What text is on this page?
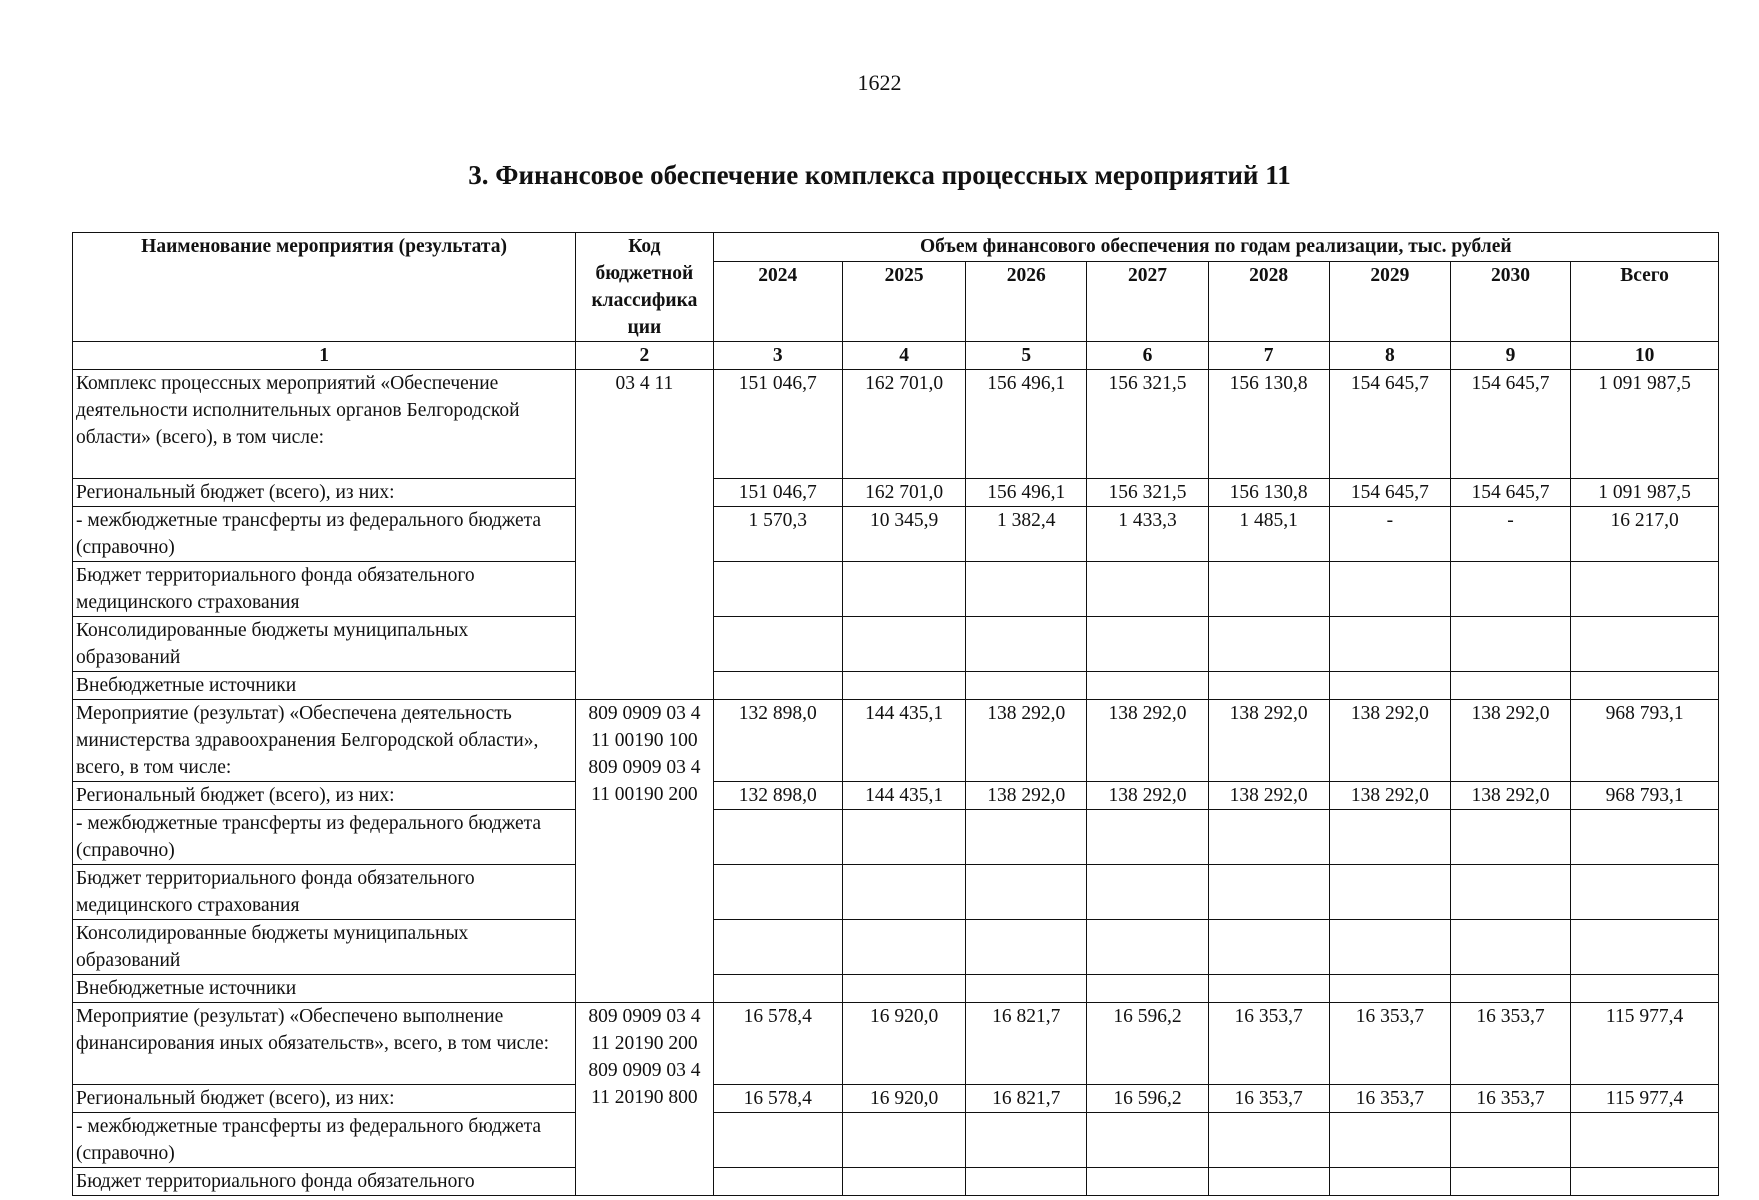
1622
3. Финансовое обеспечение комплекса процессных мероприятий 11
Наименование мероприятия (результата)	Код бюджетной классифика ции	Объем финансового обеспечения по годам реализации, тыс. рублей							
		2024	2025	2026	2027	2028	2029	2030	Всего
1	2	3	4	5	6	7	8	9	10
Комплекс процессных мероприятий «Обеспечение деятельности исполнительных органов Белгородской области» (всего), в том числе:	03 4 11	151 046,7	162 701,0	156 496,1	156 321,5	156 130,8	154 645,7	154 645,7	1 091 987,5
Региональный бюджет (всего), из них:		151 046,7	162 701,0	156 496,1	156 321,5	156 130,8	154 645,7	154 645,7	1 091 987,5
- межбюджетные трансферты из федерального бюджета (справочно)		1 570,3	10 345,9	1 382,4	1 433,3	1 485,1	-	-	16 217,0
Бюджет территориального фонда обязательного медицинского страхования									
Консолидированные бюджеты муниципальных образований									
Внебюджетные источники									
Мероприятие (результат) «Обеспечена деятельность министерства здравоохранения Белгородской области», всего, в том числе:	809 0909 03 4 11 00190 100 809 0909 03 4 11 00190 200	132 898,0	144 435,1	138 292,0	138 292,0	138 292,0	138 292,0	138 292,0	968 793,1
Региональный бюджет (всего), из них:		132 898,0	144 435,1	138 292,0	138 292,0	138 292,0	138 292,0	138 292,0	968 793,1
- межбюджетные трансферты из федерального бюджета (справочно)									
Бюджет территориального фонда обязательного медицинского страхования									
Консолидированные бюджеты муниципальных образований									
Внебюджетные источники									
Мероприятие (результат) «Обеспечено выполнение финансирования иных обязательств», всего, в том числе:	809 0909 03 4 11 20190 200 809 0909 03 4 11 20190 800	16 578,4	16 920,0	16 821,7	16 596,2	16 353,7	16 353,7	16 353,7	115 977,4
Региональный бюджет (всего), из них:		16 578,4	16 920,0	16 821,7	16 596,2	16 353,7	16 353,7	16 353,7	115 977,4
- межбюджетные трансферты из федерального бюджета (справочно)									
Бюджет территориального фонда обязательного									
